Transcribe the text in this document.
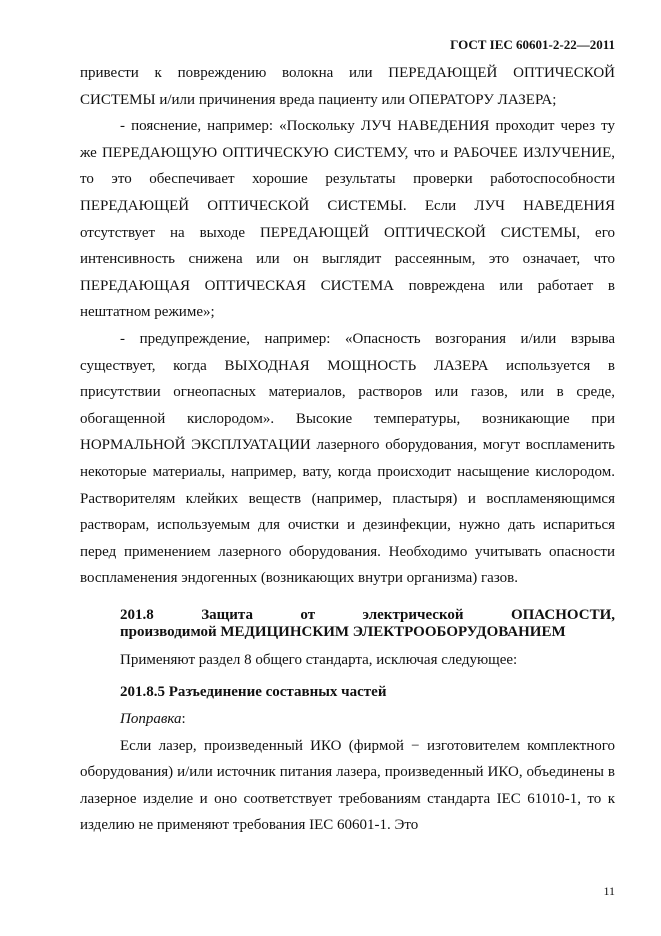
ГОСТ IEC 60601-2-22—2011

привести к повреждению волокна или ПЕРЕДАЮЩЕЙ ОПТИЧЕСКОЙ СИСТЕМЫ и/или причинения вреда пациенту или ОПЕРАТОРУ ЛАЗЕРА;

- пояснение, например: «Поскольку ЛУЧ НАВЕДЕНИЯ проходит через ту же ПЕРЕДАЮЩУЮ ОПТИЧЕСКУЮ СИСТЕМУ, что и РАБОЧЕЕ ИЗЛУЧЕНИЕ, то это обеспечивает хорошие результаты проверки работоспособности ПЕРЕДАЮЩЕЙ ОПТИЧЕСКОЙ СИСТЕМЫ. Если ЛУЧ НАВЕДЕНИЯ отсутствует на выходе ПЕРЕДАЮЩЕЙ ОПТИЧЕСКОЙ СИСТЕМЫ, его интенсивность снижена или он выглядит рассеянным, это означает, что ПЕРЕДАЮЩАЯ ОПТИЧЕСКАЯ СИСТЕМА повреждена или работает в нештатном режиме»;

- предупреждение, например: «Опасность возгорания и/или взрыва существует, когда ВЫХОДНАЯ МОЩНОСТЬ ЛАЗЕРА используется в присутствии огнеопасных материалов, растворов или газов, или в среде, обогащенной кислородом». Высокие температуры, возникающие при НОРМАЛЬНОЙ ЭКСПЛУАТАЦИИ лазерного оборудования, могут воспламенить некоторые материалы, например, вату, когда происходит насыщение кислородом. Растворителям клейких веществ (например, пластыря) и воспламеняющимся растворам, используемым для очистки и дезинфекции, нужно дать испариться перед применением лазерного оборудования. Необходимо учитывать опасности воспламенения эндогенных (возникающих внутри организма) газов.

201.8 Защита от электрической ОПАСНОСТИ,
производимой МЕДИЦИНСКИМ ЭЛЕКТРООБОРУДОВАНИЕМ

Применяют раздел 8 общего стандарта, исключая следующее:

201.8.5 Разъединение составных частей

Поправка:

Если лазер, произведенный ИКО (фирмой − изготовителем комплектного оборудования) и/или источник питания лазера, произведенный ИКО, объединены в лазерное изделие и оно соответствует требованиям стандарта IEC 61010-1, то к изделию не применяют требования IEC 60601-1. Это

11
